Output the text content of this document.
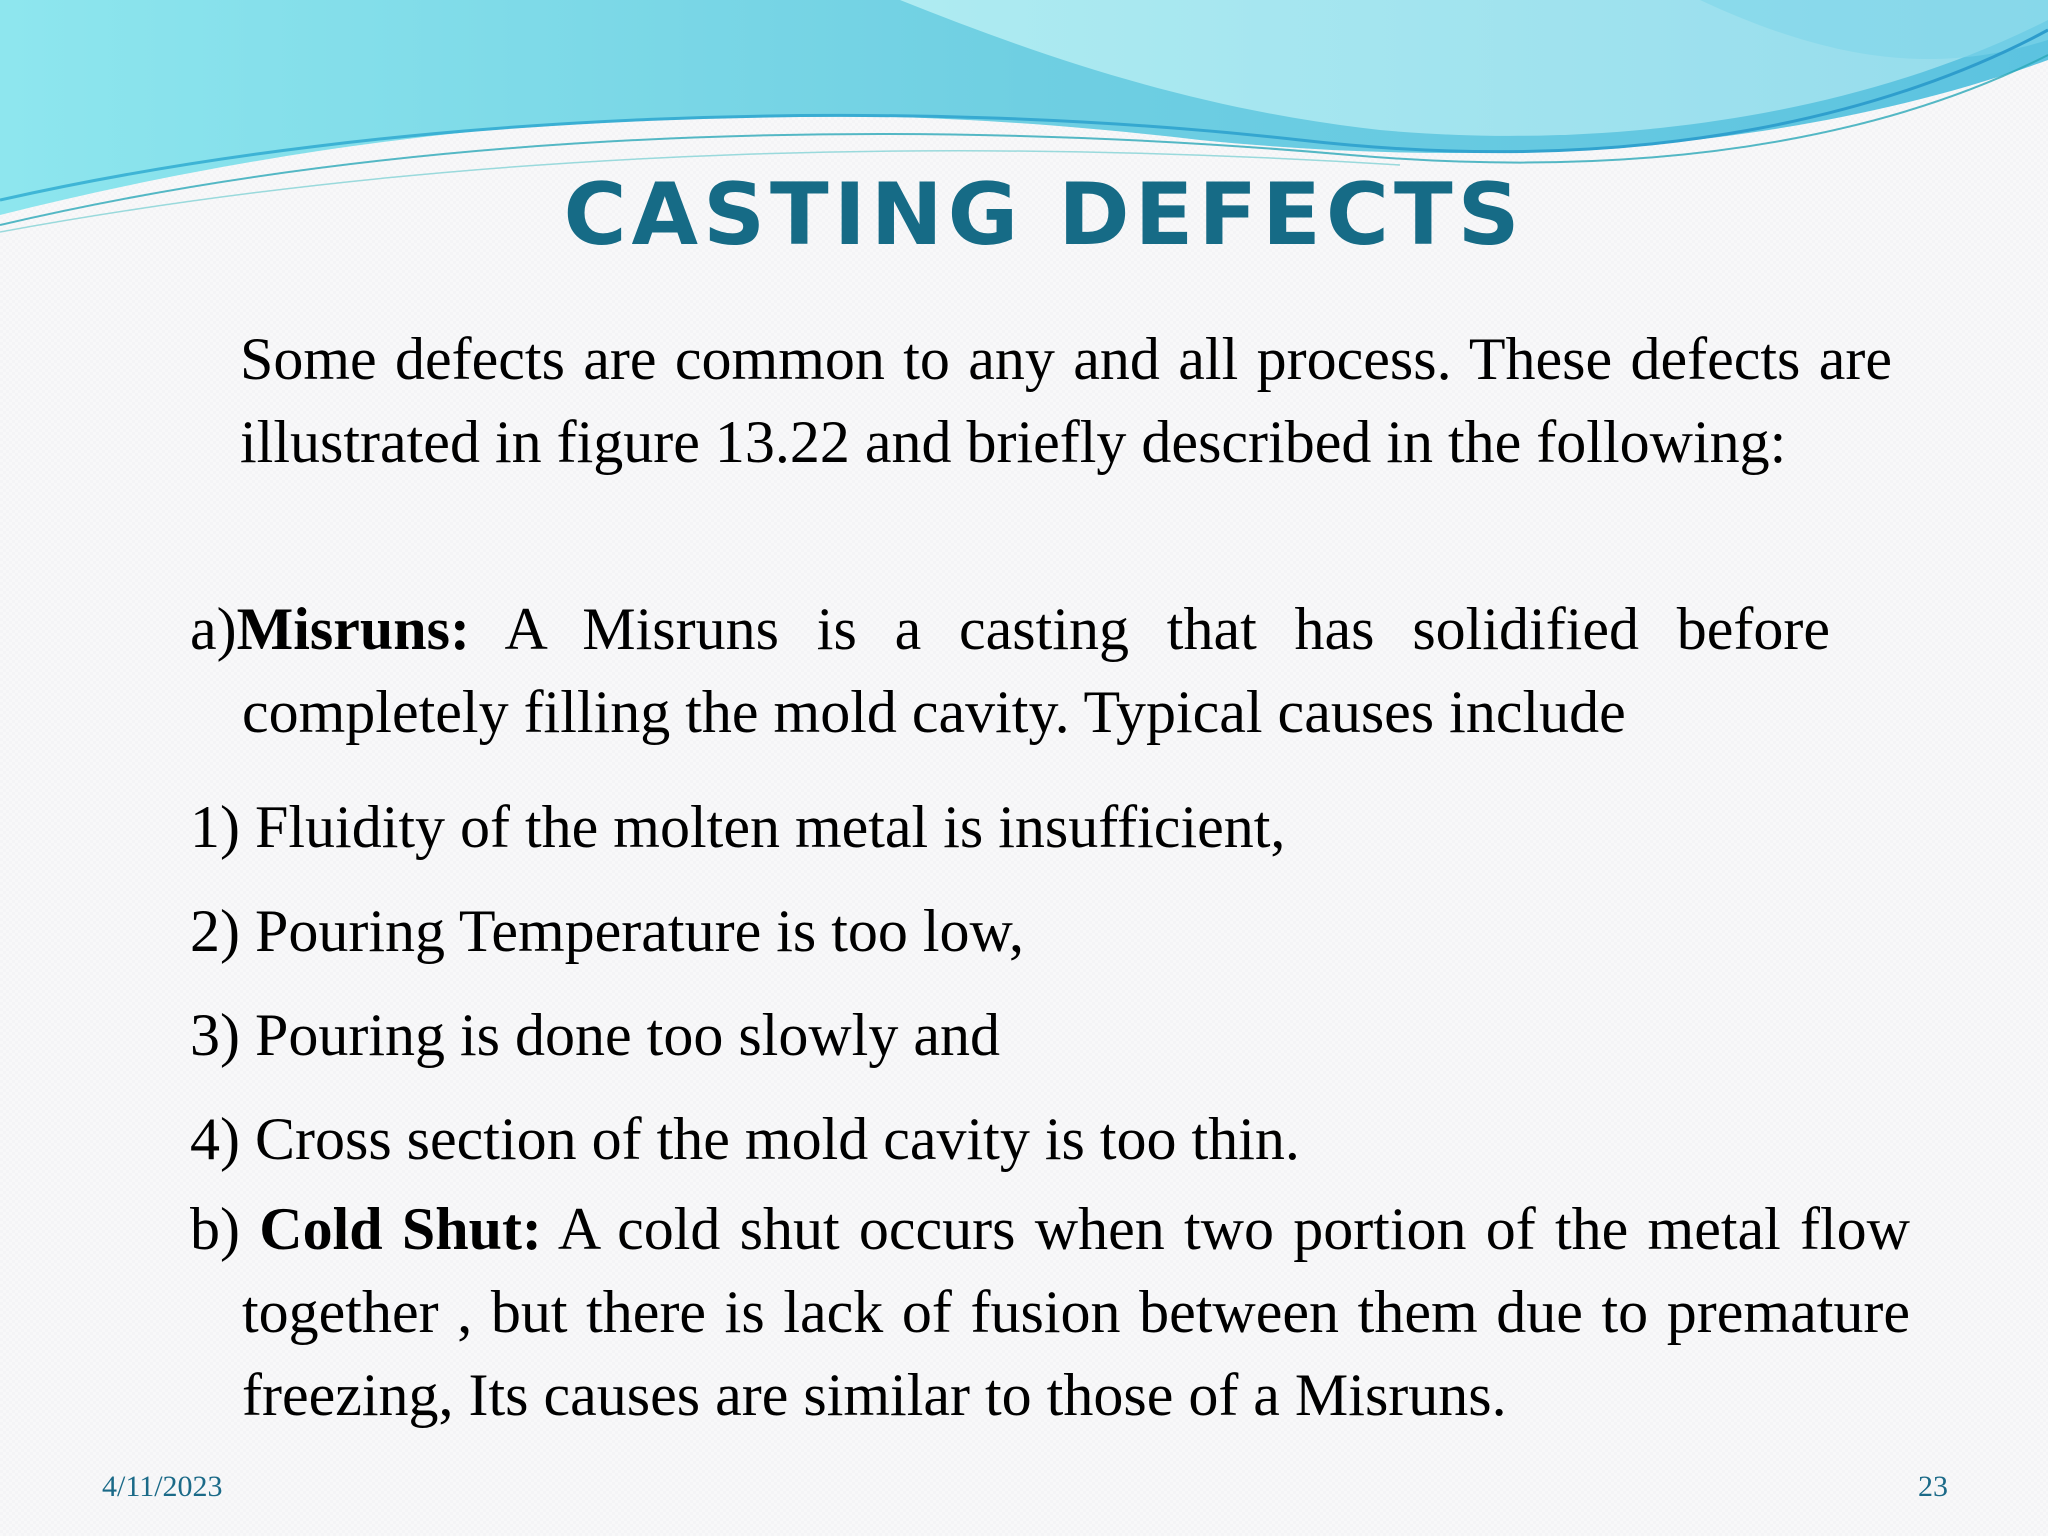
CASTING DEFECTS
Some defects are common to any and all process. These defects are illustrated in figure 13.22 and briefly described in the following:
a)Misruns: A Misruns is a casting that has solidified before completely filling the mold cavity. Typical causes include
1) Fluidity of the molten metal is insufficient,
2) Pouring Temperature is too low,
3) Pouring is done too slowly and
4) Cross section of the mold cavity is too thin.
b) Cold Shut: A cold shut occurs when two portion of the metal flow together , but there is lack of fusion between them due to premature freezing, Its causes are similar to those of a Misruns.
4/11/2023	23
